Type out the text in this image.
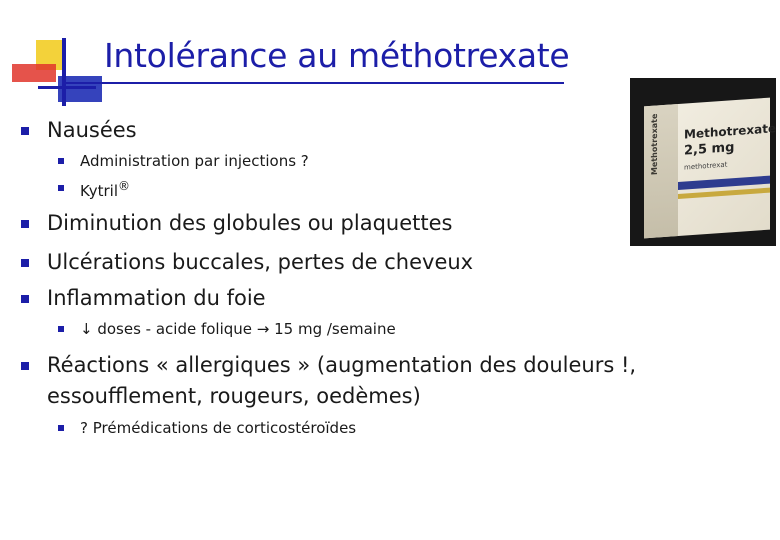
Intolérance au méthotrexate
Nausées
Administration par injections ?
Kytril®
Diminution des globules ou plaquettes
Ulcérations buccales, pertes de cheveux
Inflammation du foie
↓ doses - acide folique → 15 mg /semaine
Réactions « allergiques » (augmentation des douleurs !, essoufflement, rougeurs, oedèmes)
? Prémédications de corticostéroïdes
Methotrexate Methotrexate
2,5 mg
methotrexat
